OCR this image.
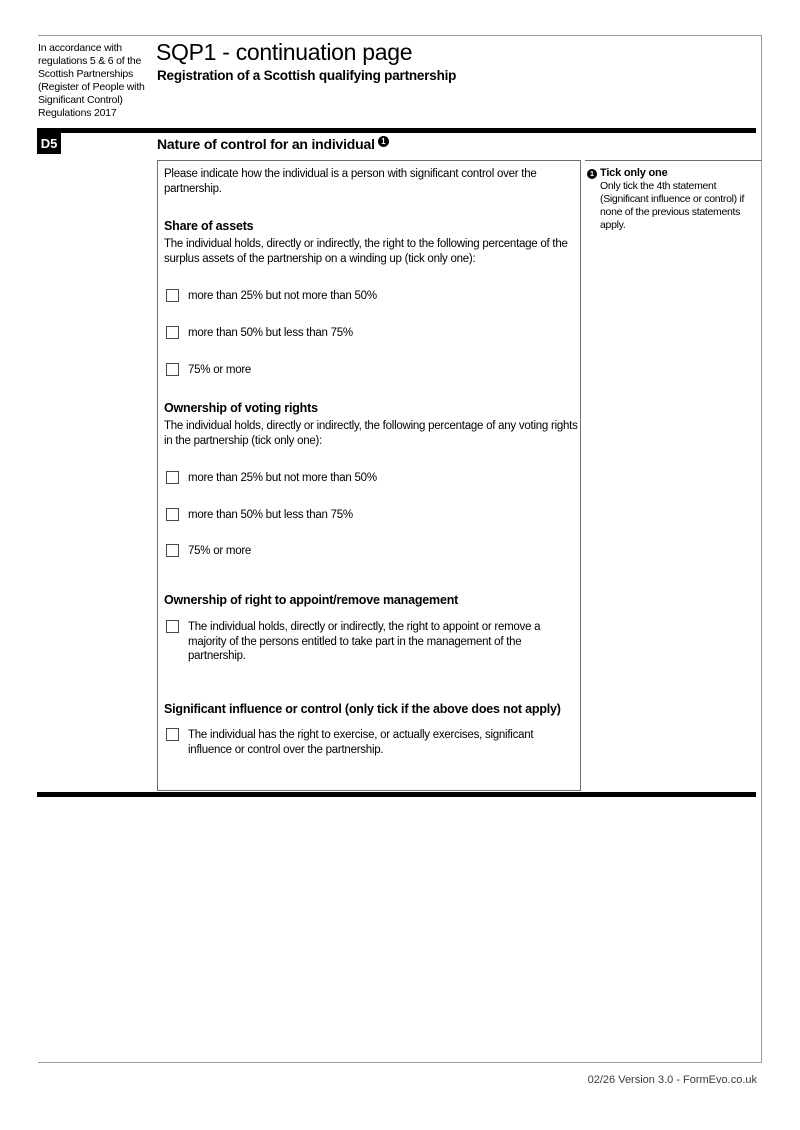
In accordance with regulations 5 & 6 of the Scottish Partnerships (Register of People with Significant Control) Regulations 2017
SQP1 - continuation page
Registration of a Scottish qualifying partnership
D5	Nature of control for an individual 1
Please indicate how the individual is a person with significant control over the partnership.
Share of assets
The individual holds, directly or indirectly, the right to the following percentage of the surplus assets of the partnership on a winding up (tick only one):
more than 25% but not more than 50%
more than 50% but less than 75%
75% or more
Ownership of voting rights
The individual holds, directly or indirectly, the following percentage of any voting rights in the partnership (tick only one):
more than 25% but not more than 50%
more than 50% but less than 75%
75% or more
Ownership of right to appoint/remove management
The individual holds, directly or indirectly, the right to appoint or remove a majority of the persons entitled to take part in the management of the partnership.
Significant influence or control (only tick if the above does not apply)
The individual has the right to exercise, or actually exercises, significant influence or control over the partnership.
1 Tick only one
Only tick the 4th statement (Significant influence or control) if none of the previous statements apply.
02/26 Version 3.0 - FormEvo.co.uk
